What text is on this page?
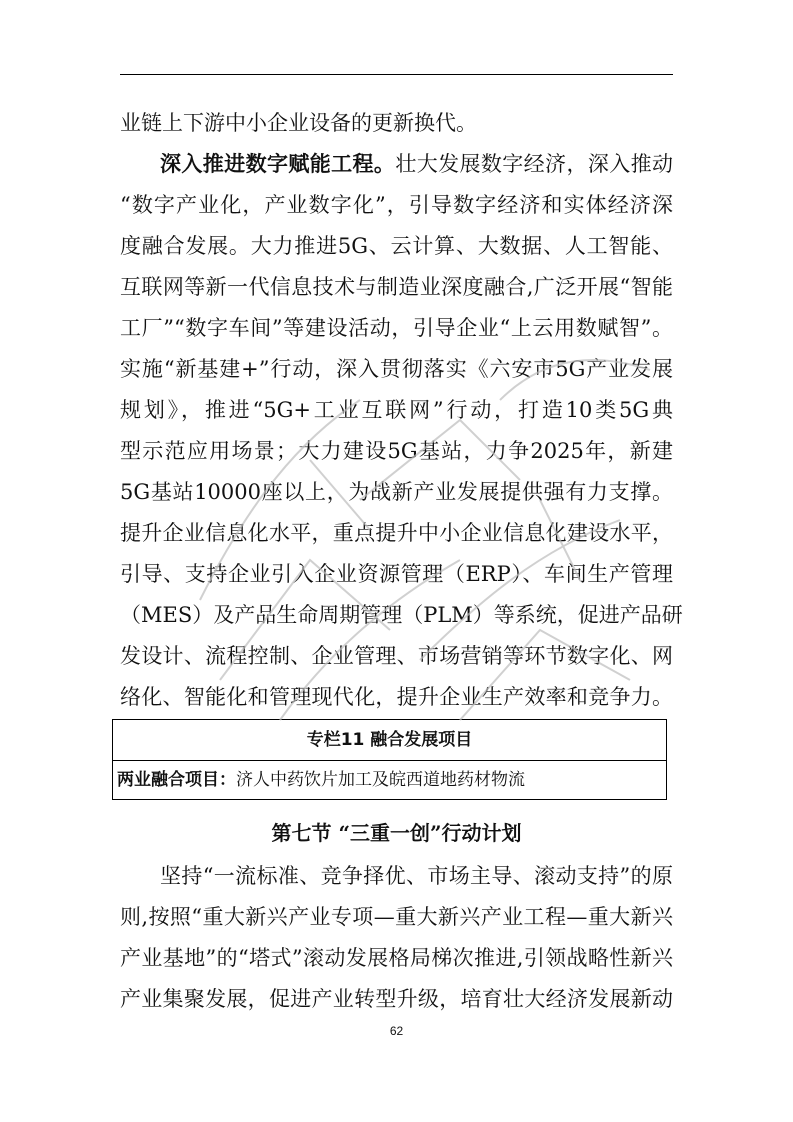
业链上下游中小企业设备的更新换代。
深入推进数字赋能工程。壮大发展数字经济，深入推动
“数字产业化，产业数字化”，引导数字经济和实体经济深
度融合发展。大力推进5G、云计算、大数据、人工智能、
互联网等新一代信息技术与制造业深度融合,广泛开展“智能
工厂”“数字车间”等建设活动，引导企业“上云用数赋智”。
实施“新基建+”行动，深入贯彻落实《六安市5G产业发展
规划》，推进“5G+工业互联网”行动，打造10类5G典
型示范应用场景；大力建设5G基站，力争2025年，新建
5G基站10000座以上，为战新产业发展提供强有力支撑。
提升企业信息化水平，重点提升中小企业信息化建设水平，
引导、支持企业引入企业资源管理（ERP）、车间生产管理
（MES）及产品生命周期管理（PLM）等系统，促进产品研
发设计、流程控制、企业管理、市场营销等环节数字化、网
络化、智能化和管理现代化，提升企业生产效率和竞争力。
专栏11 融合发展项目
两业融合项目：济人中药饮片加工及皖西道地药材物流
第七节 “三重一创”行动计划
坚持“一流标准、竞争择优、市场主导、滚动支持”的原
则,按照“重大新兴产业专项—重大新兴产业工程—重大新兴
产业基地”的“塔式”滚动发展格局梯次推进,引领战略性新兴
产业集聚发展，促进产业转型升级，培育壮大经济发展新动
62
